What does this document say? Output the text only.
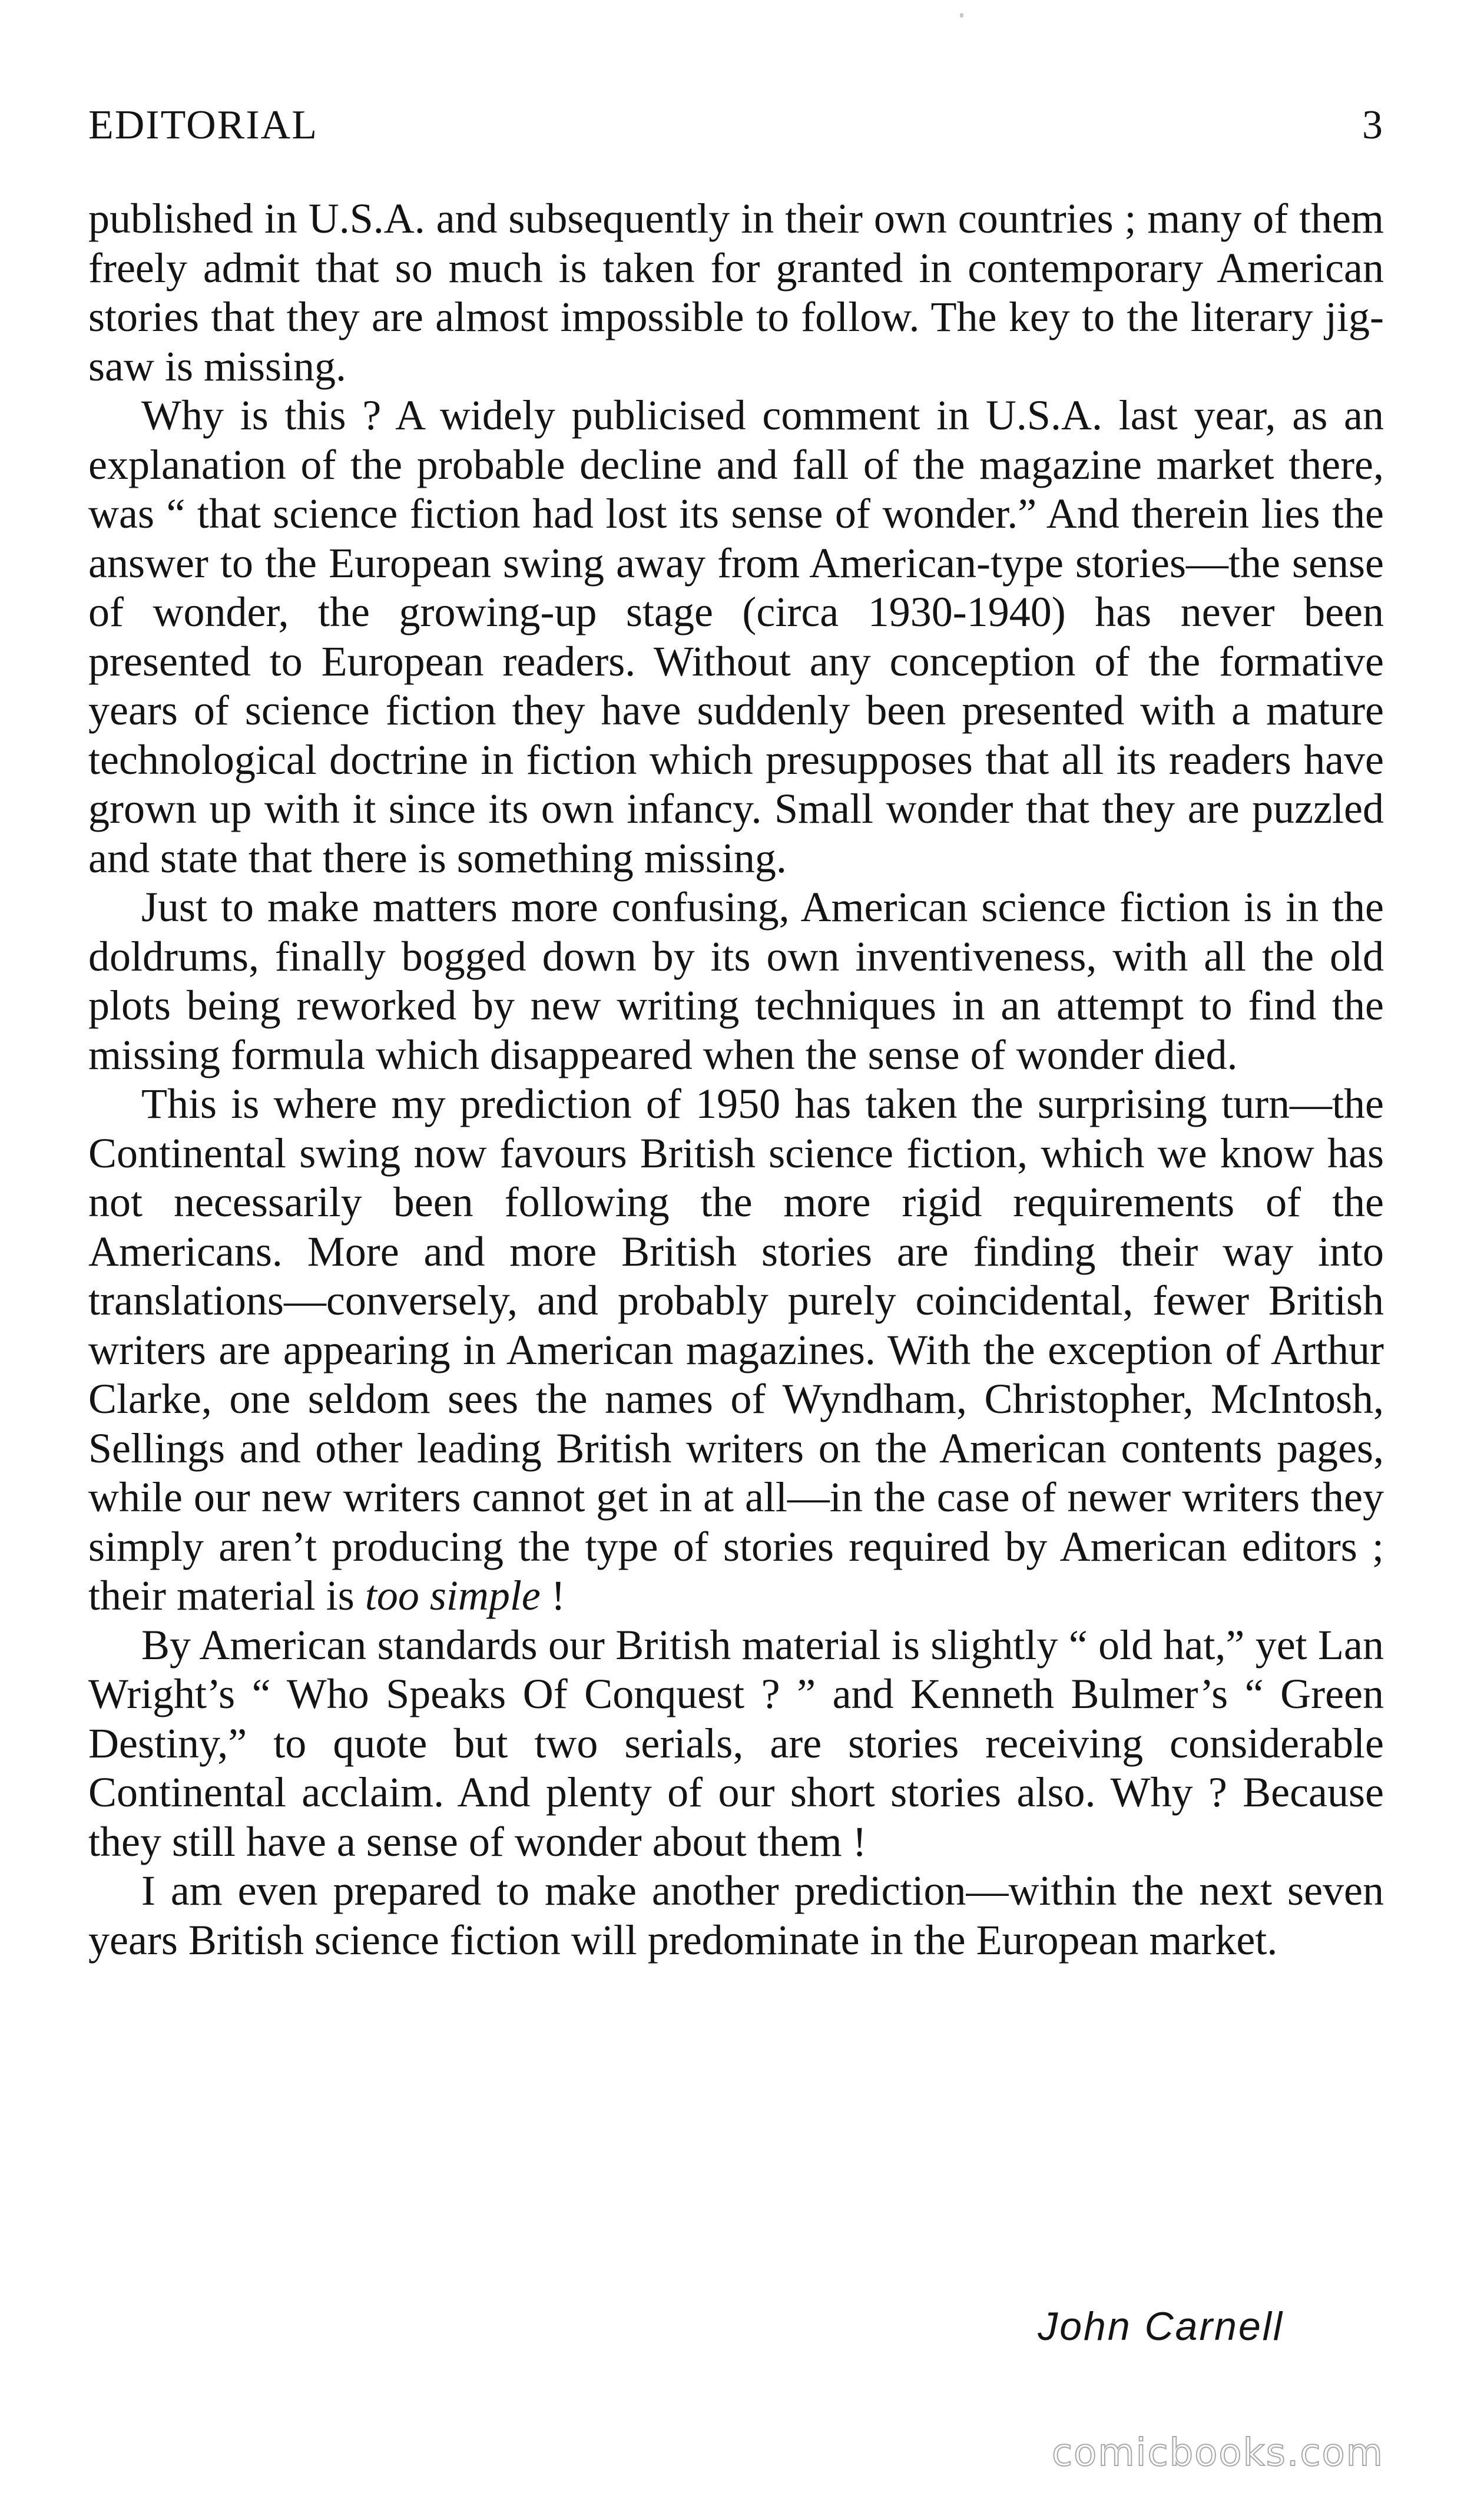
EDITORIAL	3

published in U.S.A. and subsequently in their own countries ; many of them freely admit that so much is taken for granted in contemporary American stories that they are almost impossible to follow. The key to the literary jig-saw is missing.

Why is this ? A widely publicised comment in U.S.A. last year, as an explanation of the probable decline and fall of the magazine market there, was “ that science fiction had lost its sense of wonder.” And therein lies the answer to the European swing away from American-type stories—the sense of wonder, the growing-up stage (circa 1930-1940) has never been presented to European readers. Without any conception of the formative years of science fiction they have suddenly been presented with a mature technological doctrine in fiction which presupposes that all its readers have grown up with it since its own infancy. Small wonder that they are puzzled and state that there is something missing.

Just to make matters more confusing, American science fiction is in the doldrums, finally bogged down by its own inventiveness, with all the old plots being reworked by new writing techniques in an attempt to find the missing formula which disappeared when the sense of wonder died.

This is where my prediction of 1950 has taken the surprising turn—the Continental swing now favours British science fiction, which we know has not necessarily been following the more rigid requirements of the Americans. More and more British stories are finding their way into translations—conversely, and probably purely coincidental, fewer British writers are appearing in American magazines. With the exception of Arthur Clarke, one seldom sees the names of Wyndham, Christopher, McIntosh, Sellings and other leading British writers on the American contents pages, while our new writers cannot get in at all—in the case of newer writers they simply aren’t producing the type of stories required by American editors ; their material is too simple !

By American standards our British material is slightly “ old hat,” yet Lan Wright’s “ Who Speaks Of Conquest ? ” and Kenneth Bulmer’s “ Green Destiny,” to quote but two serials, are stories receiving considerable Continental acclaim. And plenty of our short stories also. Why ? Because they still have a sense of wonder about them !

I am even prepared to make another prediction—within the next seven years British science fiction will predominate in the European market.

John Carnell
comicbooks.com
